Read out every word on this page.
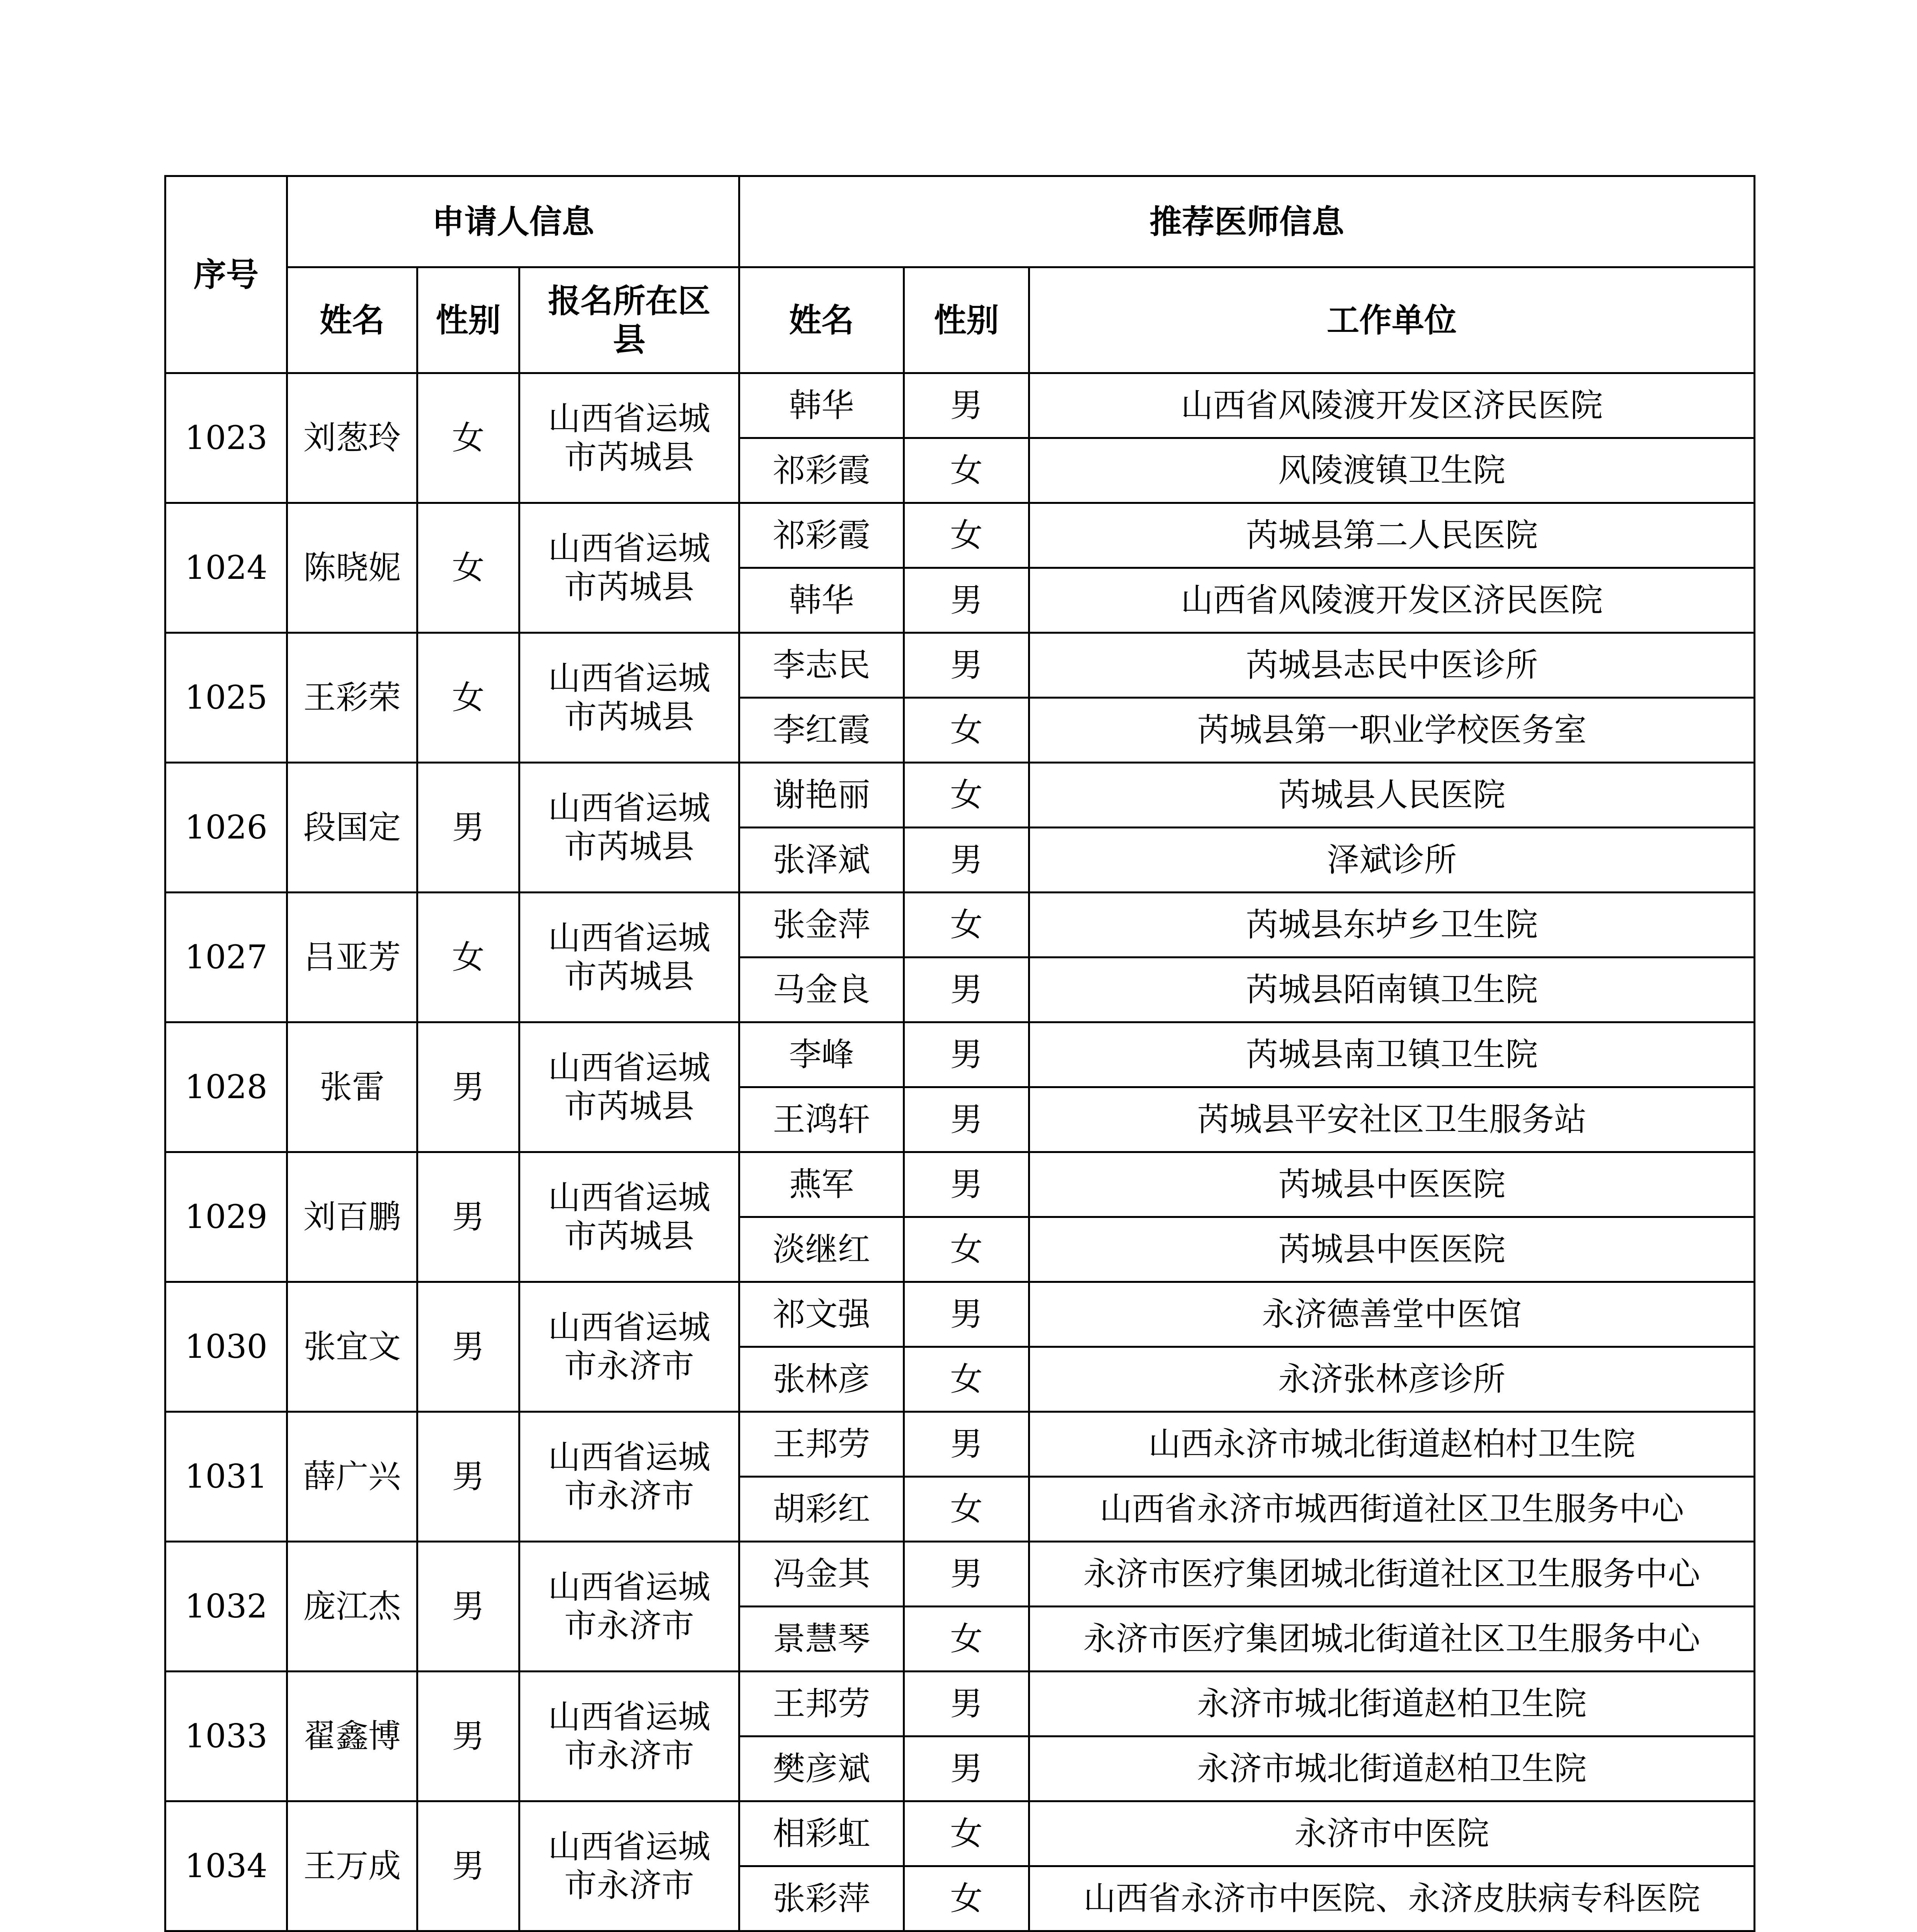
序号	申请人信息			推荐医师信息		
	姓名	性别	报名所在区县	姓名	性别	工作单位
1023	刘葱玲	女	山西省运城市芮城县	韩华	男	山西省风陵渡开发区济民医院
				祁彩霞	女	风陵渡镇卫生院
1024	陈晓妮	女	山西省运城市芮城县	祁彩霞	女	芮城县第二人民医院
				韩华	男	山西省风陵渡开发区济民医院
1025	王彩荣	女	山西省运城市芮城县	李志民	男	芮城县志民中医诊所
				李红霞	女	芮城县第一职业学校医务室
1026	段国定	男	山西省运城市芮城县	谢艳丽	女	芮城县人民医院
				张泽斌	男	泽斌诊所
1027	吕亚芳	女	山西省运城市芮城县	张金萍	女	芮城县东垆乡卫生院
				马金良	男	芮城县陌南镇卫生院
1028	张雷	男	山西省运城市芮城县	李峰	男	芮城县南卫镇卫生院
				王鸿轩	男	芮城县平安社区卫生服务站
1029	刘百鹏	男	山西省运城市芮城县	燕军	男	芮城县中医医院
				淡继红	女	芮城县中医医院
1030	张宜文	男	山西省运城市永济市	祁文强	男	永济德善堂中医馆
				张林彦	女	永济张林彦诊所
1031	薛广兴	男	山西省运城市永济市	王邦劳	男	山西永济市城北街道赵柏村卫生院
				胡彩红	女	山西省永济市城西街道社区卫生服务中心
1032	庞江杰	男	山西省运城市永济市	冯金其	男	永济市医疗集团城北街道社区卫生服务中心
				景慧琴	女	永济市医疗集团城北街道社区卫生服务中心
1033	翟鑫博	男	山西省运城市永济市	王邦劳	男	永济市城北街道赵柏卫生院
				樊彦斌	男	永济市城北街道赵柏卫生院
1034	王万成	男	山西省运城市永济市	相彩虹	女	永济市中医院
				张彩萍	女	山西省永济市中医院、永济皮肤病专科医院
